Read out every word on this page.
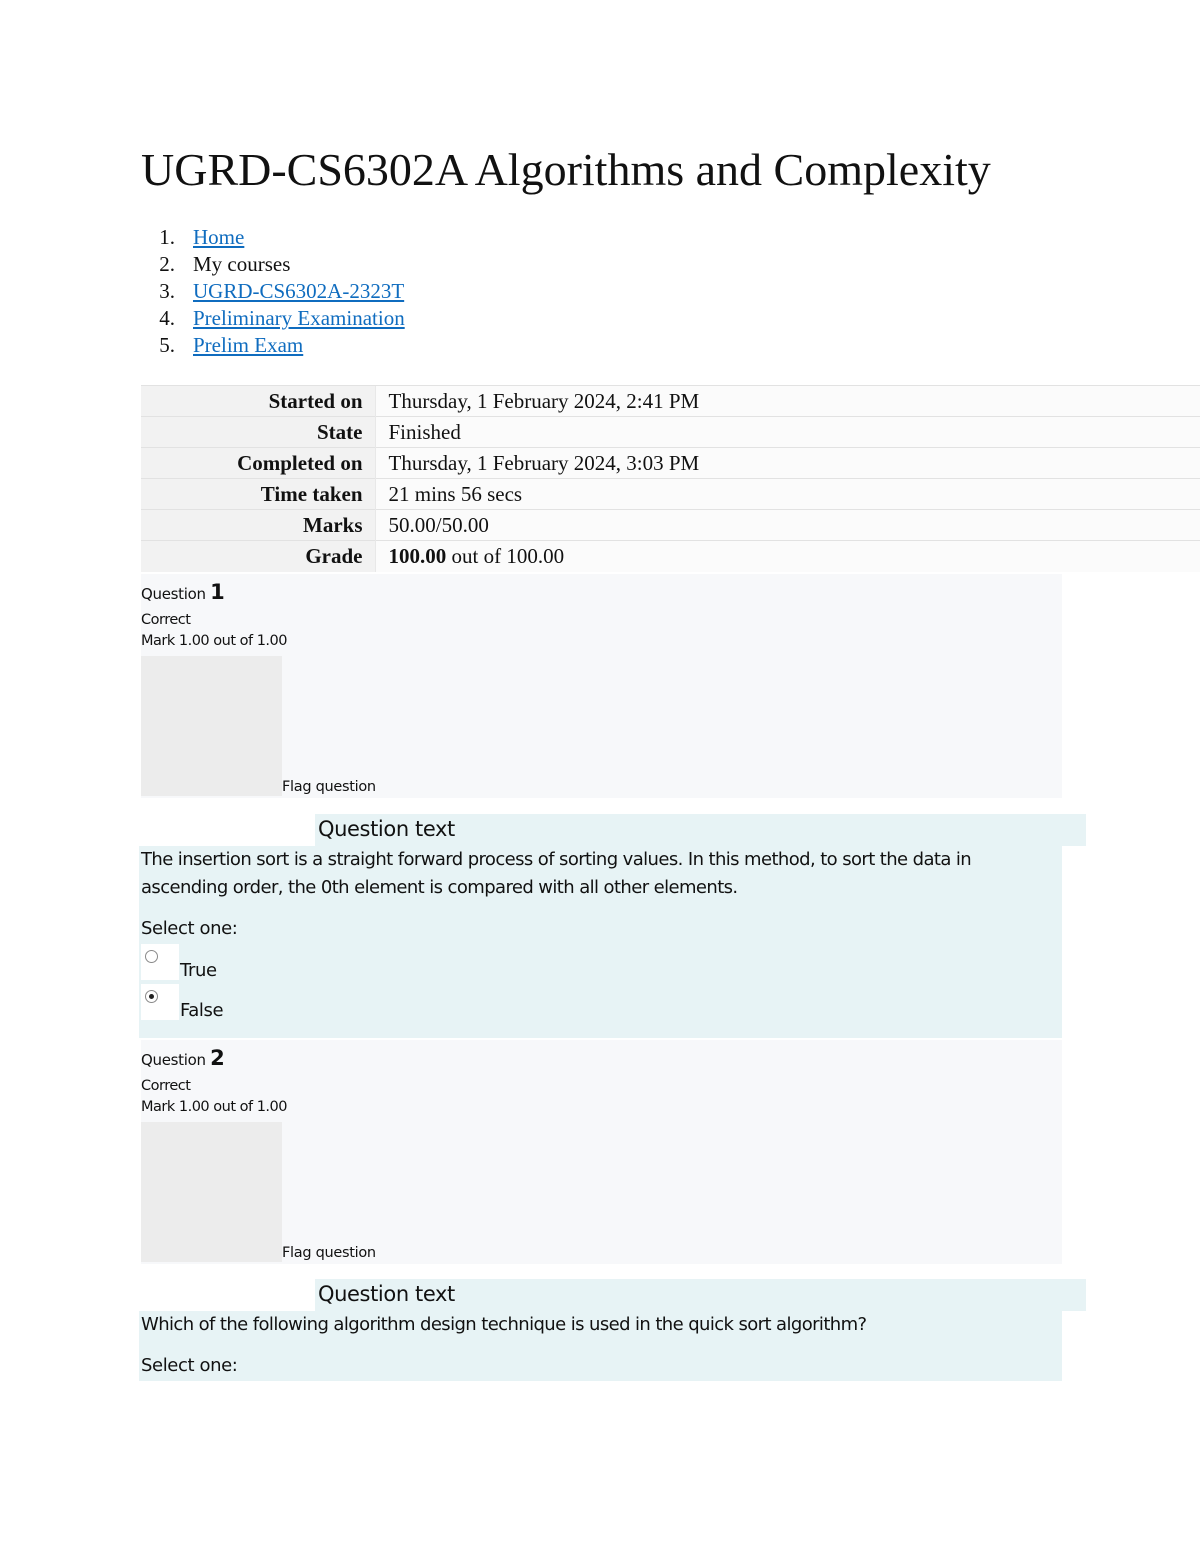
UGRD-CS6302A Algorithms and Complexity
1. Home
2. My courses
3. UGRD-CS6302A-2323T
4. Preliminary Examination
5. Prelim Exam
Started on	Thursday, 1 February 2024, 2:41 PM
State	Finished
Completed on	Thursday, 1 February 2024, 3:03 PM
Time taken	21 mins 56 secs
Marks	50.00/50.00
Grade	100.00 out of 100.00
Question 1
Correct
Mark 1.00 out of 1.00
Flag question
Question text
The insertion sort is a straight forward process of sorting values. In this method, to sort the data in ascending order, the 0th element is compared with all other elements.
Select one:
True
False
Question 2
Correct
Mark 1.00 out of 1.00
Flag question
Question text
Which of the following algorithm design technique is used in the quick sort algorithm?
Select one:
